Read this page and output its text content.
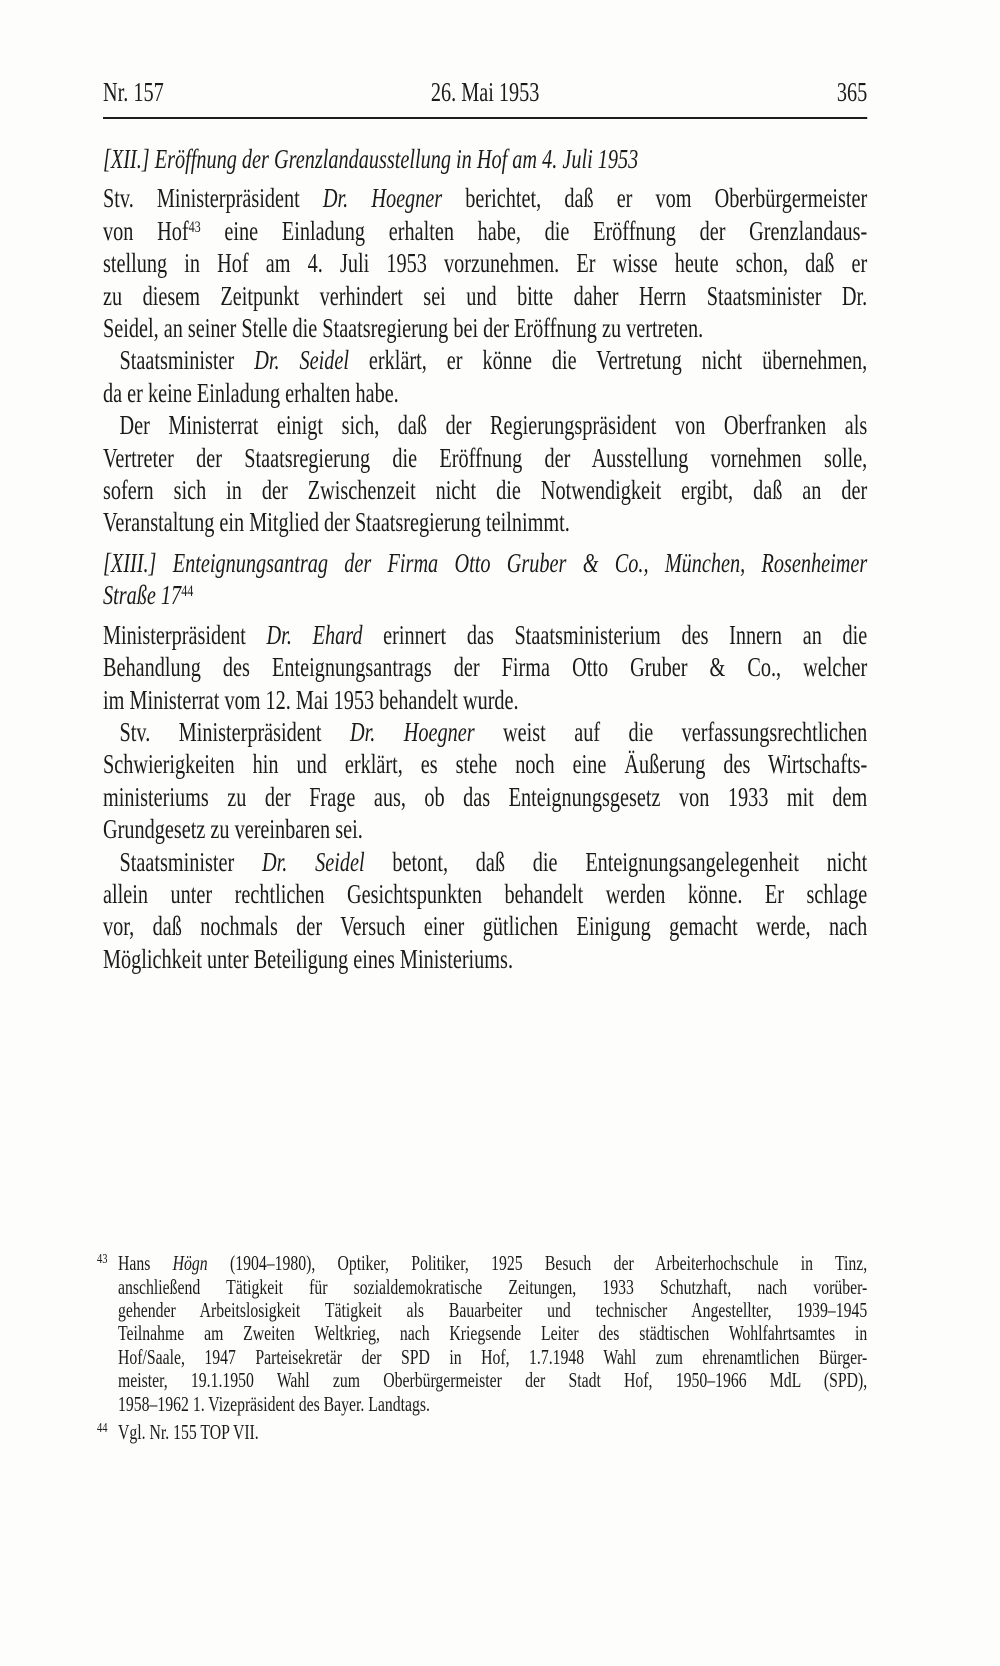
Nr. 157	26. Mai 1953	365
[XII.] Eröffnung der Grenzlandausstellung in Hof am 4. Juli 1953
Stv. Ministerpräsident Dr. Hoegner berichtet, daß er vom Oberbürgermeister
von Hof$^{43}$ eine Einladung erhalten habe, die Eröffnung der Grenzlandaus-
stellung in Hof am 4. Juli 1953 vorzunehmen. Er wisse heute schon, daß er
zu diesem Zeitpunkt verhindert sei und bitte daher Herrn Staatsminister Dr.
Seidel, an seiner Stelle die Staatsregierung bei der Eröffnung zu vertreten.
Staatsminister Dr. Seidel erklärt, er könne die Vertretung nicht übernehmen,
da er keine Einladung erhalten habe.
Der Ministerrat einigt sich, daß der Regierungspräsident von Oberfranken als
Vertreter der Staatsregierung die Eröffnung der Ausstellung vornehmen solle,
sofern sich in der Zwischenzeit nicht die Notwendigkeit ergibt, daß an der
Veranstaltung ein Mitglied der Staatsregierung teilnimmt.
[XIII.] Enteignungsantrag der Firma Otto Gruber & Co., München, Rosenheimer
Straße $17^{44}$
Ministerpräsident Dr. Ehard erinnert das Staatsministerium des Innern an die
Behandlung des Enteignungsantrags der Firma Otto Gruber & Co., welcher
im Ministerrat vom 12. Mai 1953 behandelt wurde.
Stv. Ministerpräsident Dr. Hoegner weist auf die verfassungsrechtlichen
Schwierigkeiten hin und erklärt, es stehe noch eine Äußerung des Wirtschafts-
ministeriums zu der Frage aus, ob das Enteignungsgesetz von 1933 mit dem
Grundgesetz zu vereinbaren sei.
Staatsminister Dr. Seidel betont, daß die Enteignungsangelegenheit nicht
allein unter rechtlichen Gesichtspunkten behandelt werden könne. Er schlage
vor, daß nochmals der Versuch einer gütlichen Einigung gemacht werde, nach
Möglichkeit unter Beteiligung eines Ministeriums.
43 Hans Högn (1904–1980), Optiker, Politiker, 1925 Besuch der Arbeiterhochschule in Tinz,
anschließend Tätigkeit für sozialdemokratische Zeitungen, 1933 Schutzhaft, nach vorüber-
gehender Arbeitslosigkeit Tätigkeit als Bauarbeiter und technischer Angestellter, 1939–1945
Teilnahme am Zweiten Weltkrieg, nach Kriegsende Leiter des städtischen Wohlfahrtsamtes in
Hof/Saale, 1947 Parteisekretär der SPD in Hof, 1.7.1948 Wahl zum ehrenamtlichen Bürger-
meister, 19.1.1950 Wahl zum Oberbürgermeister der Stadt Hof, 1950–1966 MdL (SPD),
1958–1962 1. Vizepräsident des Bayer. Landtags.
44 Vgl. Nr. 155 TOP VII.
